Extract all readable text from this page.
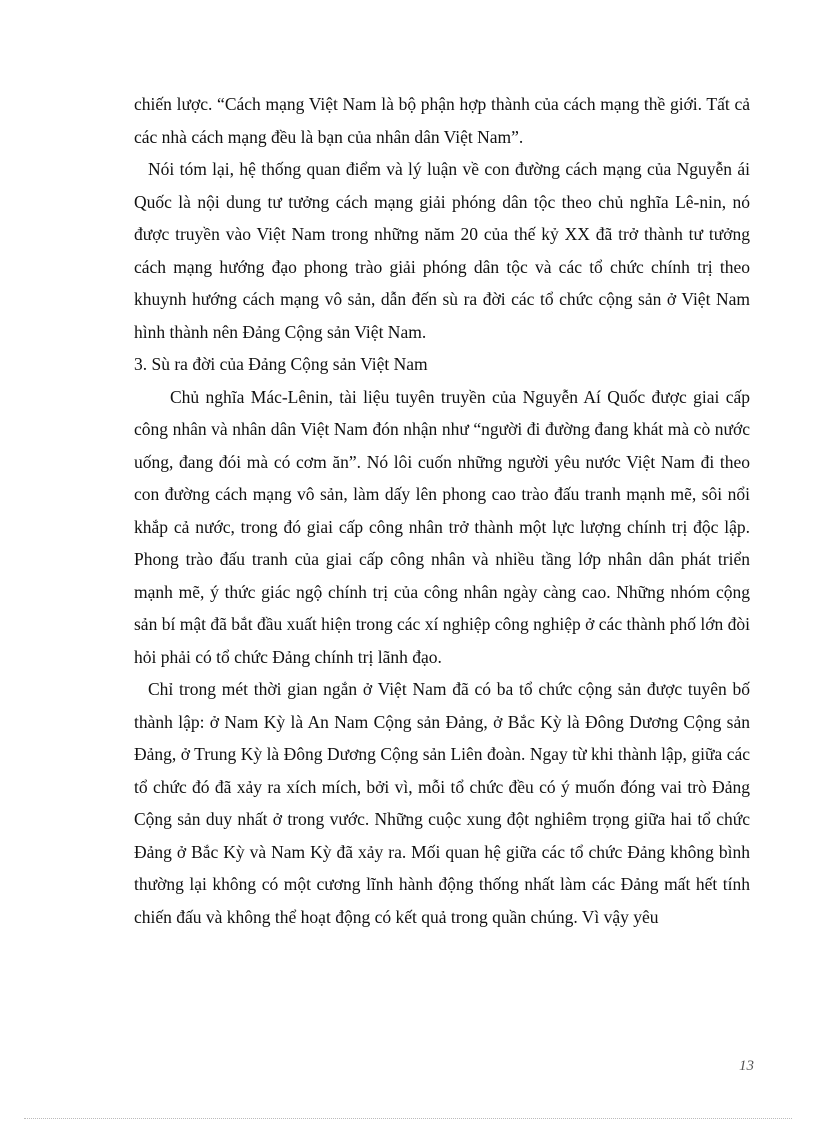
chiến lược. “Cách mạng Việt Nam là bộ phận hợp thành của cách mạng thề giới. Tất cả các nhà cách mạng đều là bạn của nhân dân Việt Nam”.

Nói tóm lại, hệ thống quan điểm và lý luận về con đường cách mạng của Nguyễn ái Quốc là nội dung tư tưởng cách mạng giải phóng dân tộc theo chủ nghĩa Lê-nin, nó được truyền vào Việt Nam trong những năm 20 của thế kỷ XX đã trở thành tư tưởng cách mạng hướng đạo phong trào giải phóng dân tộc và các tổ chức chính trị theo khuynh hướng cách mạng vô sản, dẫn đến sù ra đời các tổ chức cộng sản ở Việt Nam hình thành nên Đảng Cộng sản Việt Nam.

3. Sù ra đời của Đảng Cộng sản Việt Nam

Chủ nghĩa Mác-Lênin, tài liệu tuyên truyền của Nguyễn Aí Quốc được giai cấp công nhân và nhân dân Việt Nam đón nhận như “người đi đường đang khát mà cò nước uống, đang đói mà có cơm ăn”. Nó lôi cuốn những người yêu nước Việt Nam đi theo con đường cách mạng vô sản, làm dấy lên phong cao trào đấu tranh mạnh mẽ, sôi nổi khắp cả nước, trong đó giai cấp công nhân trở thành một lực lượng chính trị độc lập. Phong trào đấu tranh của giai cấp công nhân và nhiều tầng lớp nhân dân phát triển mạnh mẽ, ý thức giác ngộ chính trị của công nhân ngày càng cao. Những nhóm cộng sản bí mật đã bắt đầu xuất hiện trong các xí nghiệp công nghiệp ở các thành phố lớn đòi hỏi phải có tổ chức Đảng chính trị lãnh đạo.

Chỉ trong mét thời gian ngắn ở Việt Nam đã có ba tổ chức cộng sản được tuyên bố thành lập: ở Nam Kỳ là An Nam Cộng sản Đảng, ở Bắc Kỳ là Đông Dương Cộng sản Đảng, ở Trung Kỳ là Đông Dương Cộng sản Liên đoàn. Ngay từ khi thành lập, giữa các tổ chức đó đã xảy ra xích mích, bởi vì, mỗi tổ chức đều có ý muốn đóng vai trò Đảng Cộng sản duy nhất ở trong vước. Những cuộc xung đột nghiêm trọng giữa hai tổ chức Đảng ở Bắc Kỳ và Nam Kỳ đã xảy ra. Mối quan hệ giữa các tổ chức Đảng không bình thường lại không có một cương lĩnh hành động thống nhất làm các Đảng mất hết tính chiến đấu và không thể hoạt động có kết quả trong quần chúng. Vì vậy yêu

13
